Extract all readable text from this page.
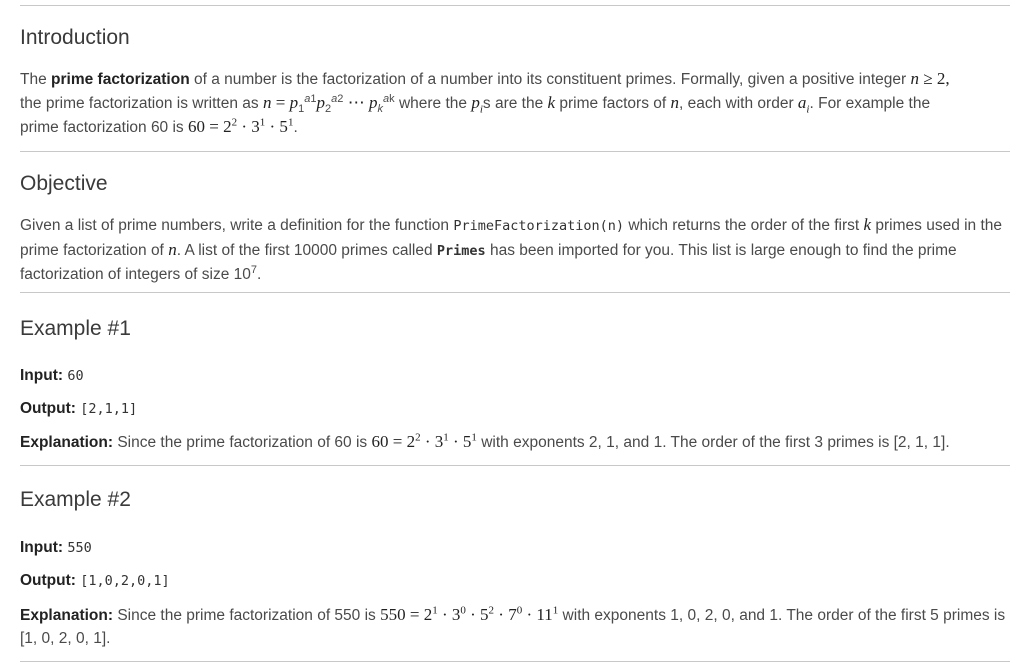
Introduction

The prime factorization of a number is the factorization of a number into its constituent primes. Formally, given a positive integer n ≥ 2,
the prime factorization is written as $n = p_1^{a1}p_2^{a2}$ ⋯ $p_k^{ak}$ where the $p_is$ are the k prime factors of n, each with order $a_i$. For example the
prime factorization 60 is $60 = 2^2 \cdot 3^1 \cdot 5^1$.

Objective

Given a list of prime numbers, write a definition for the function PrimeFactorization(n) which returns the order of the first k primes used in the prime factorization of n. A list of the first 10000 primes called Primes has been imported for you. This list is large enough to find the prime factorization of integers of size $10^7$.

Example #1

Input: 60

Output: [2,1,1]

Explanation: Since the prime factorization of 60 is $60 = 2^2 \cdot 3^1 \cdot 5^1$ with exponents 2, 1, and 1. The order of the first 3 primes is [2, 1, 1].

Example #2

Input: 550

Output: [1,0,2,0,1]

Explanation: Since the prime factorization of 550 is $550 = 2^1 \cdot 3^0 \cdot 5^2 \cdot 7^0 \cdot 11^1$ with exponents 1, 0, 2, 0, and 1. The order of the first 5 primes is [1, 0, 2, 0, 1].
